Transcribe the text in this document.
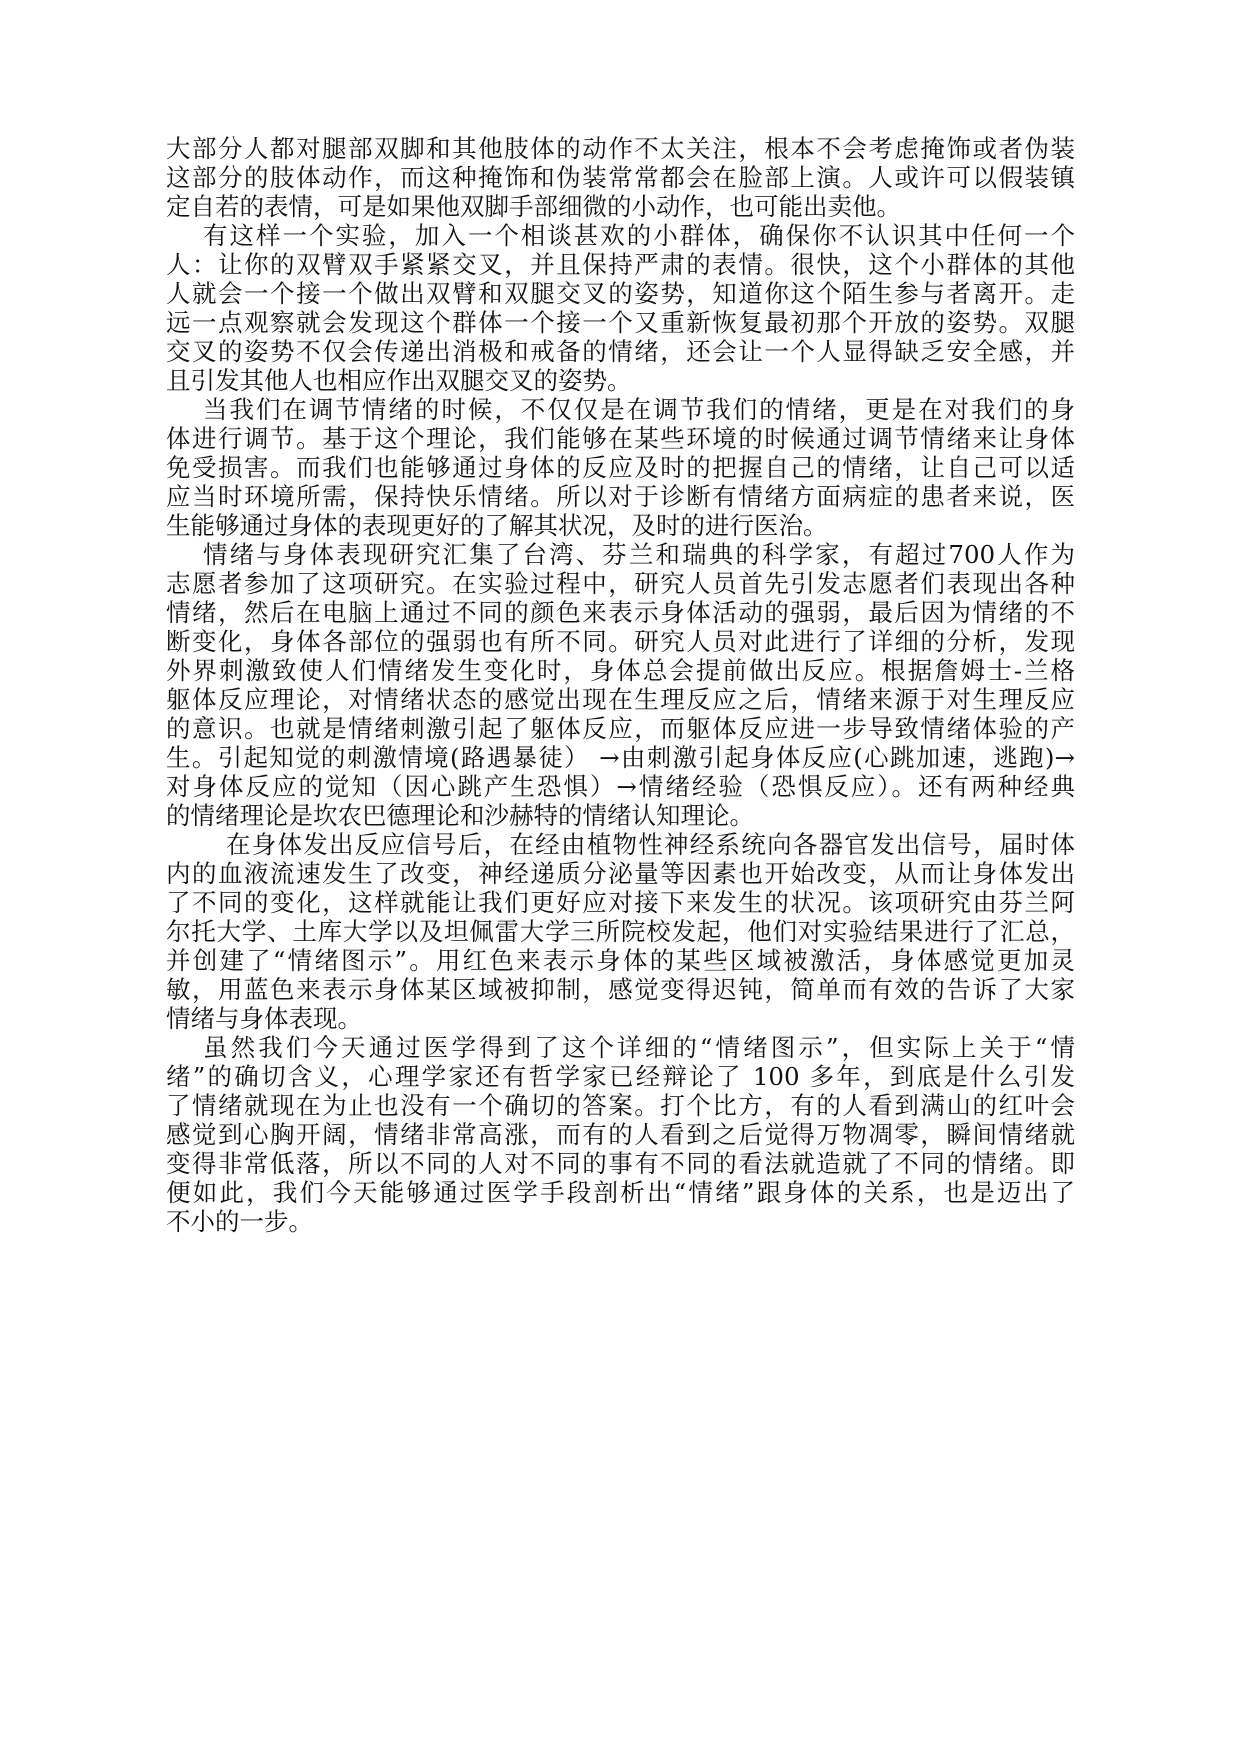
大部分人都对腿部双脚和其他肢体的动作不太关注，根本不会考虑掩饰或者伪装
这部分的肢体动作，而这种掩饰和伪装常常都会在脸部上演。人或许可以假装镇
定自若的表情，可是如果他双脚手部细微的小动作，也可能出卖他。
有这样一个实验，加入一个相谈甚欢的小群体，确保你不认识其中任何一个
人：让你的双臂双手紧紧交叉，并且保持严肃的表情。很快，这个小群体的其他
人就会一个接一个做出双臂和双腿交叉的姿势，知道你这个陌生参与者离开。走
远一点观察就会发现这个群体一个接一个又重新恢复最初那个开放的姿势。双腿
交叉的姿势不仅会传递出消极和戒备的情绪，还会让一个人显得缺乏安全感，并
且引发其他人也相应作出双腿交叉的姿势。
当我们在调节情绪的时候，不仅仅是在调节我们的情绪，更是在对我们的身
体进行调节。基于这个理论，我们能够在某些环境的时候通过调节情绪来让身体
免受损害。而我们也能够通过身体的反应及时的把握自己的情绪，让自己可以适
应当时环境所需，保持快乐情绪。所以对于诊断有情绪方面病症的患者来说，医
生能够通过身体的表现更好的了解其状况，及时的进行医治。
情绪与身体表现研究汇集了台湾、芬兰和瑞典的科学家，有超过700人作为
志愿者参加了这项研究。在实验过程中，研究人员首先引发志愿者们表现出各种
情绪，然后在电脑上通过不同的颜色来表示身体活动的强弱，最后因为情绪的不
断变化，身体各部位的强弱也有所不同。研究人员对此进行了详细的分析，发现
外界刺激致使人们情绪发生变化时，身体总会提前做出反应。根据詹姆士-兰格
躯体反应理论，对情绪状态的感觉出现在生理反应之后，情绪来源于对生理反应
的意识。也就是情绪刺激引起了躯体反应，而躯体反应进一步导致情绪体验的产
生。引起知觉的刺激情境(路遇暴徒） →由刺激引起身体反应(心跳加速，逃跑)→
对身体反应的觉知（因心跳产生恐惧）→情绪经验（恐惧反应）。还有两种经典
的情绪理论是坎农巴德理论和沙赫特的情绪认知理论。
在身体发出反应信号后，在经由植物性神经系统向各器官发出信号，届时体
内的血液流速发生了改变，神经递质分泌量等因素也开始改变，从而让身体发出
了不同的变化，这样就能让我们更好应对接下来发生的状况。该项研究由芬兰阿
尔托大学、土库大学以及坦佩雷大学三所院校发起，他们对实验结果进行了汇总，
并创建了“情绪图示”。用红色来表示身体的某些区域被激活，身体感觉更加灵
敏，用蓝色来表示身体某区域被抑制，感觉变得迟钝，简单而有效的告诉了大家
情绪与身体表现。
虽然我们今天通过医学得到了这个详细的“情绪图示”，但实际上关于“情
绪”的确切含义，心理学家还有哲学家已经辩论了 100 多年，到底是什么引发
了情绪就现在为止也没有一个确切的答案。打个比方，有的人看到满山的红叶会
感觉到心胸开阔，情绪非常高涨，而有的人看到之后觉得万物凋零，瞬间情绪就
变得非常低落，所以不同的人对不同的事有不同的看法就造就了不同的情绪。即
便如此，我们今天能够通过医学手段剖析出“情绪”跟身体的关系，也是迈出了
不小的一步。
